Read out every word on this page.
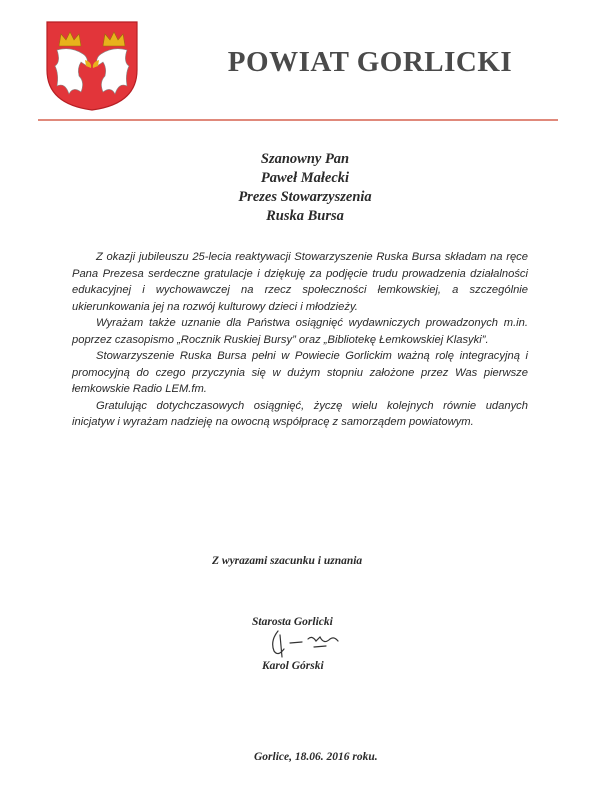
POWIAT GORLICKI
Szanowny Pan
Paweł Małecki
Prezes Stowarzyszenia
Ruska Bursa

Z okazji jubileuszu 25-lecia reaktywacji Stowarzyszenie Ruska Bursa składam na ręce Pana Prezesa serdeczne gratulacje i dziękuję za podjęcie trudu prowadzenia działalności edukacyjnej i wychowawczej na rzecz społeczności łemkowskiej, a szczególnie ukierunkowania jej na rozwój kulturowy dzieci i młodzieży.

Wyrażam także uznanie dla Państwa osiągnięć wydawniczych prowadzonych m.in. poprzez czasopismo „Rocznik Ruskiej Bursy” oraz „Bibliotekę Łemkowskiej Klasyki”.

Stowarzyszenie Ruska Bursa pełni w Powiecie Gorlickim ważną rolę integracyjną i promocyjną do czego przyczynia się w dużym stopniu założone przez Was pierwsze łemkowskie Radio LEM.fm.

Gratulując dotychczasowych osiągnięć, życzę wielu kolejnych równie udanych inicjatyw i wyrażam nadzieję na owocną współpracę z samorządem powiatowym.

Z wyrazami szacunku i uznania
Starosta Gorlicki
Karol Górski
Gorlice, 18.06. 2016 roku.
